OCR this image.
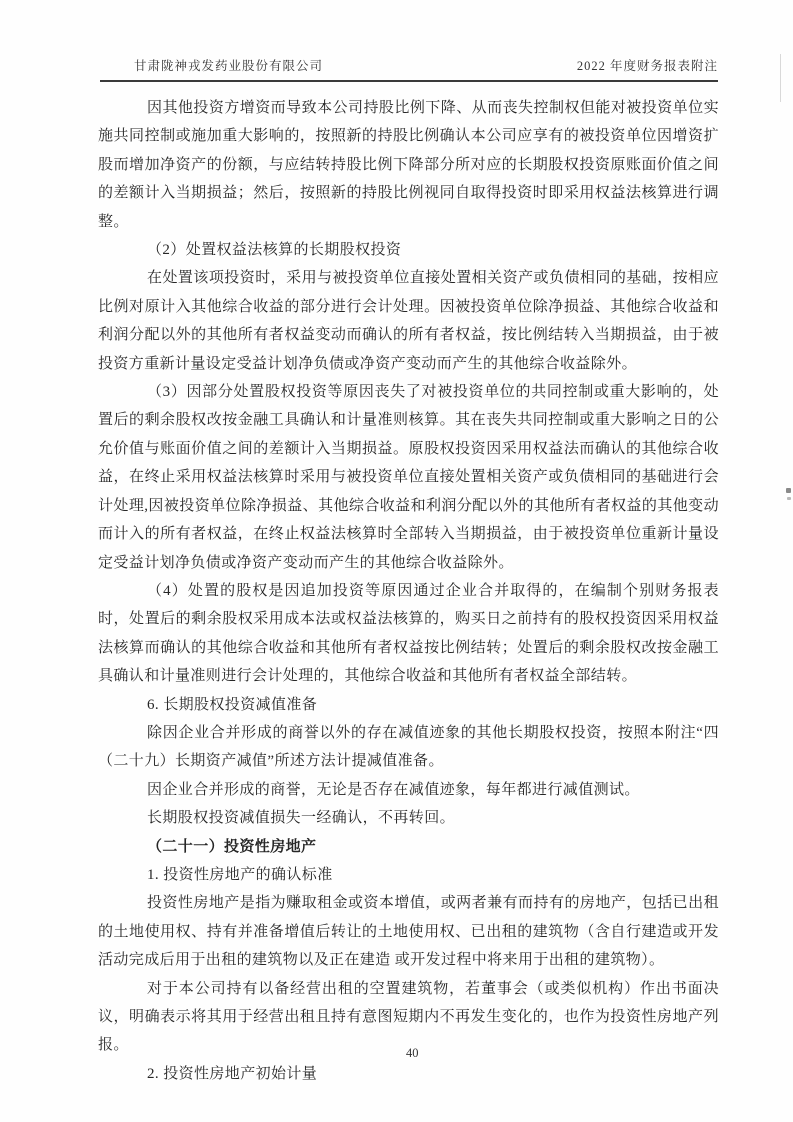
甘肃陇神戎发药业股份有限公司	2022 年度财务报表附注

因其他投资方增资而导致本公司持股比例下降、从而丧失控制权但能对被投资单位实施共同控制或施加重大影响的，按照新的持股比例确认本公司应享有的被投资单位因增资扩股而增加净资产的份额，与应结转持股比例下降部分所对应的长期股权投资原账面价值之间的差额计入当期损益；然后，按照新的持股比例视同自取得投资时即采用权益法核算进行调整。

（2）处置权益法核算的长期股权投资

在处置该项投资时，采用与被投资单位直接处置相关资产或负债相同的基础，按相应比例对原计入其他综合收益的部分进行会计处理。因被投资单位除净损益、其他综合收益和利润分配以外的其他所有者权益变动而确认的所有者权益，按比例结转入当期损益，由于被投资方重新计量设定受益计划净负债或净资产变动而产生的其他综合收益除外。

（3）因部分处置股权投资等原因丧失了对被投资单位的共同控制或重大影响的，处置后的剩余股权改按金融工具确认和计量准则核算。其在丧失共同控制或重大影响之日的公允价值与账面价值之间的差额计入当期损益。原股权投资因采用权益法而确认的其他综合收益，在终止采用权益法核算时采用与被投资单位直接处置相关资产或负债相同的基础进行会计处理,因被投资单位除净损益、其他综合收益和利润分配以外的其他所有者权益的其他变动而计入的所有者权益，在终止权益法核算时全部转入当期损益，由于被投资单位重新计量设定受益计划净负债或净资产变动而产生的其他综合收益除外。

（4）处置的股权是因追加投资等原因通过企业合并取得的，在编制个别财务报表时，处置后的剩余股权采用成本法或权益法核算的，购买日之前持有的股权投资因采用权益法核算而确认的其他综合收益和其他所有者权益按比例结转；处置后的剩余股权改按金融工具确认和计量准则进行会计处理的，其他综合收益和其他所有者权益全部结转。

6. 长期股权投资减值准备

除因企业合并形成的商誉以外的存在减值迹象的其他长期股权投资，按照本附注“四（二十九）长期资产减值”所述方法计提减值准备。

因企业合并形成的商誉，无论是否存在减值迹象，每年都进行减值测试。

长期股权投资减值损失一经确认，不再转回。

（二十一）投资性房地产

1. 投资性房地产的确认标准

投资性房地产是指为赚取租金或资本增值，或两者兼有而持有的房地产，包括已出租的土地使用权、持有并准备增值后转让的土地使用权、已出租的建筑物（含自行建造或开发活动完成后用于出租的建筑物以及正在建造 或开发过程中将来用于出租的建筑物）。

对于本公司持有以备经营出租的空置建筑物，若董事会（或类似机构）作出书面决议，明确表示将其用于经营出租且持有意图短期内不再发生变化的，也作为投资性房地产列报。

2. 投资性房地产初始计量

40
